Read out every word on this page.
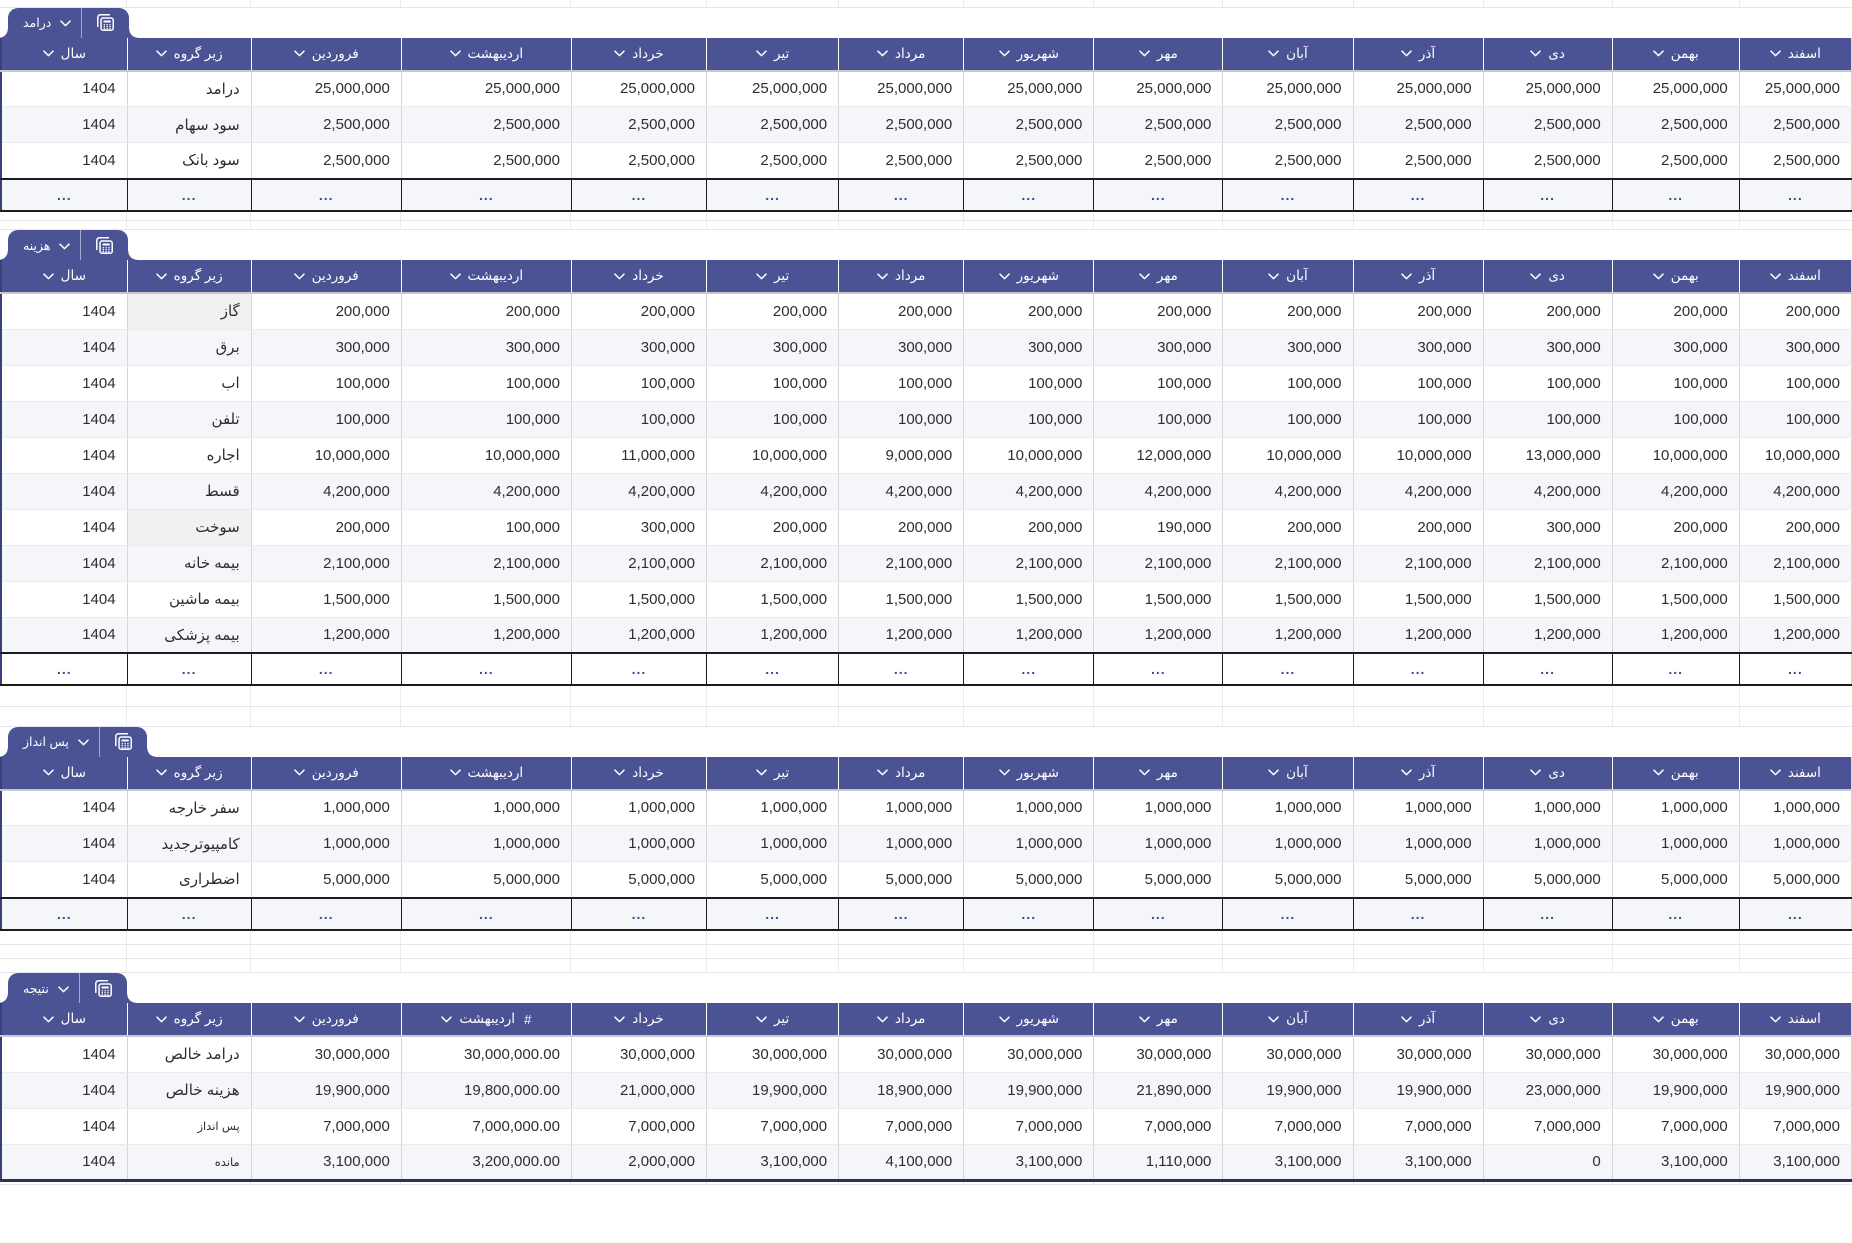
درامد
سال	زیر گروه	فروردین	اردیبهشت	خرداد	تیر	مرداد	شهریور	مهر	آبان	آذر	دی	بهمن	اسفند

1404	درامد	25,000,000	25,000,000	25,000,000	25,000,000	25,000,000	25,000,000	25,000,000	25,000,000	25,000,000	25,000,000	25,000,000	25,000,000
1404	سود سهام	2,500,000	2,500,000	2,500,000	2,500,000	2,500,000	2,500,000	2,500,000	2,500,000	2,500,000	2,500,000	2,500,000	2,500,000
1404	سود بانک	2,500,000	2,500,000	2,500,000	2,500,000	2,500,000	2,500,000	2,500,000	2,500,000	2,500,000	2,500,000	2,500,000	2,500,000
...	...	...	...	...	...	...	...	...	...	...	...	...	...

هزینه
سال	زیر گروه	فروردین	اردیبهشت	خرداد	تیر	مرداد	شهریور	مهر	آبان	آذر	دی	بهمن	اسفند

1404	گاز	200,000	200,000	200,000	200,000	200,000	200,000	200,000	200,000	200,000	200,000	200,000	200,000
1404	برق	300,000	300,000	300,000	300,000	300,000	300,000	300,000	300,000	300,000	300,000	300,000	300,000
1404	اب	100,000	100,000	100,000	100,000	100,000	100,000	100,000	100,000	100,000	100,000	100,000	100,000
1404	تلفن	100,000	100,000	100,000	100,000	100,000	100,000	100,000	100,000	100,000	100,000	100,000	100,000
1404	اجاره	10,000,000	10,000,000	11,000,000	10,000,000	9,000,000	10,000,000	12,000,000	10,000,000	10,000,000	13,000,000	10,000,000	10,000,000
1404	قسط	4,200,000	4,200,000	4,200,000	4,200,000	4,200,000	4,200,000	4,200,000	4,200,000	4,200,000	4,200,000	4,200,000	4,200,000
1404	سوخت	200,000	100,000	300,000	200,000	200,000	200,000	190,000	200,000	200,000	300,000	200,000	200,000
1404	بیمه خانه	2,100,000	2,100,000	2,100,000	2,100,000	2,100,000	2,100,000	2,100,000	2,100,000	2,100,000	2,100,000	2,100,000	2,100,000
1404	بیمه ماشین	1,500,000	1,500,000	1,500,000	1,500,000	1,500,000	1,500,000	1,500,000	1,500,000	1,500,000	1,500,000	1,500,000	1,500,000
1404	بیمه پزشکی	1,200,000	1,200,000	1,200,000	1,200,000	1,200,000	1,200,000	1,200,000	1,200,000	1,200,000	1,200,000	1,200,000	1,200,000
...	...	...	...	...	...	...	...	...	...	...	...	...	...

پس انداز
سال	زیر گروه	فروردین	اردیبهشت	خرداد	تیر	مرداد	شهریور	مهر	آبان	آذر	دی	بهمن	اسفند

1404	سفر خارجه	1,000,000	1,000,000	1,000,000	1,000,000	1,000,000	1,000,000	1,000,000	1,000,000	1,000,000	1,000,000	1,000,000	1,000,000
1404	کامپیوترجدید	1,000,000	1,000,000	1,000,000	1,000,000	1,000,000	1,000,000	1,000,000	1,000,000	1,000,000	1,000,000	1,000,000	1,000,000
1404	اضطراری	5,000,000	5,000,000	5,000,000	5,000,000	5,000,000	5,000,000	5,000,000	5,000,000	5,000,000	5,000,000	5,000,000	5,000,000
...	...	...	...	...	...	...	...	...	...	...	...	...	...

نتیجه
سال	زیر گروه	فروردین	اردیبهشت #	خرداد	تیر	مرداد	شهریور	مهر	آبان	آذر	دی	بهمن	اسفند

1404	درامد خالص	30,000,000	30,000,000.00	30,000,000	30,000,000	30,000,000	30,000,000	30,000,000	30,000,000	30,000,000	30,000,000	30,000,000	30,000,000
1404	هزینه خالص	19,900,000	19,800,000.00	21,000,000	19,900,000	18,900,000	19,900,000	21,890,000	19,900,000	19,900,000	23,000,000	19,900,000	19,900,000
1404	پس انداز	7,000,000	7,000,000.00	7,000,000	7,000,000	7,000,000	7,000,000	7,000,000	7,000,000	7,000,000	7,000,000	7,000,000	7,000,000
1404	مانده	3,100,000	3,200,000.00	2,000,000	3,100,000	4,100,000	3,100,000	1,110,000	3,100,000	3,100,000	0	3,100,000	3,100,000
